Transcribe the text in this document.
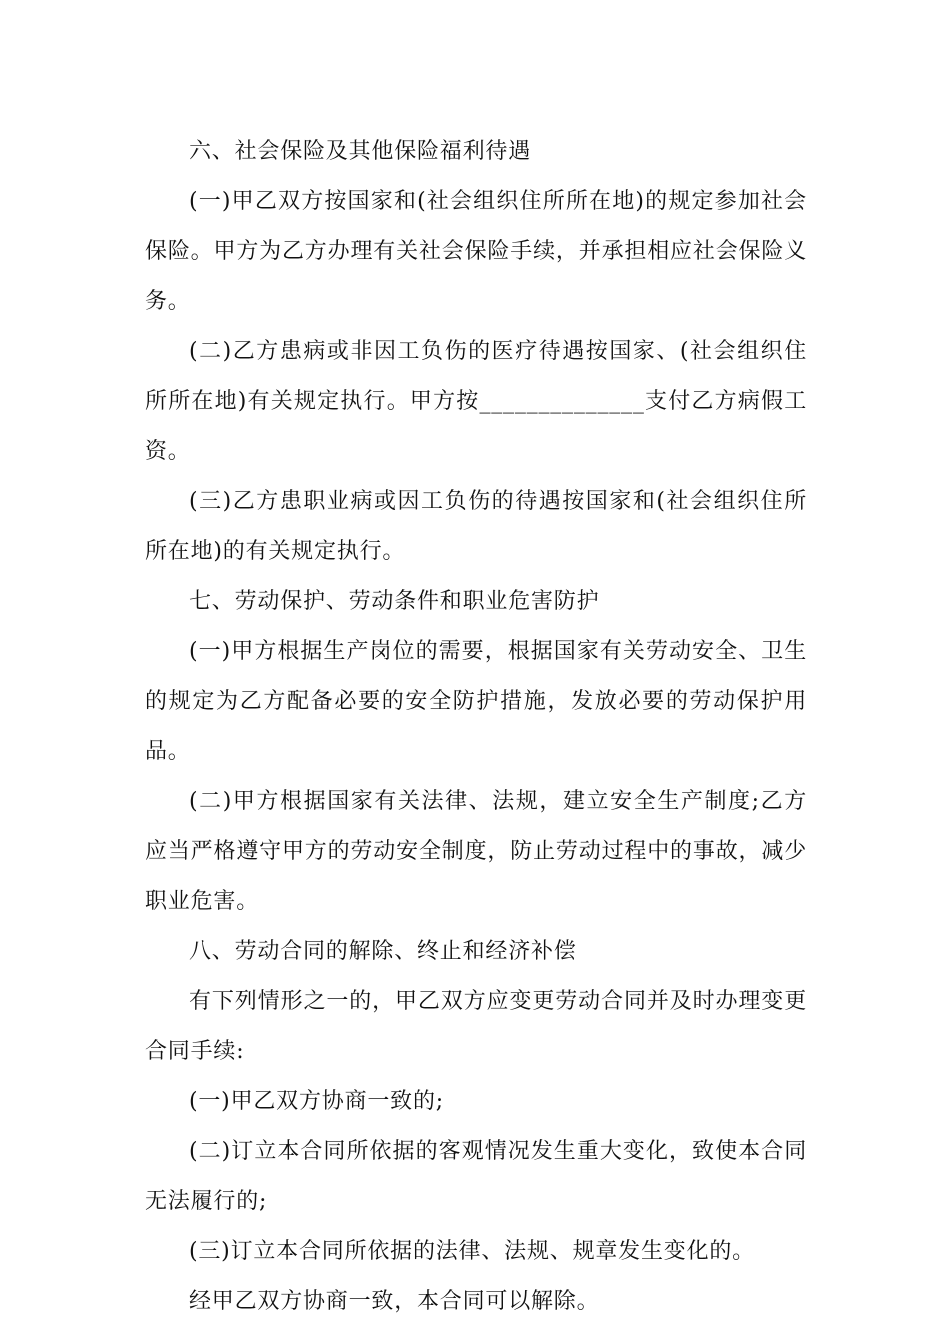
六、社会保险及其他保险福利待遇

(一)甲乙双方按国家和(社会组织住所所在地)的规定参加社会保险。甲方为乙方办理有关社会保险手续，并承担相应社会保险义务。

(二)乙方患病或非因工负伤的医疗待遇按国家、(社会组织住所所在地)有关规定执行。甲方按______________支付乙方病假工资。

(三)乙方患职业病或因工负伤的待遇按国家和(社会组织住所所在地)的有关规定执行。

七、劳动保护、劳动条件和职业危害防护

(一)甲方根据生产岗位的需要，根据国家有关劳动安全、卫生的规定为乙方配备必要的安全防护措施，发放必要的劳动保护用品。

(二)甲方根据国家有关法律、法规，建立安全生产制度;乙方应当严格遵守甲方的劳动安全制度，防止劳动过程中的事故，减少职业危害。

八、劳动合同的解除、终止和经济补偿

有下列情形之一的，甲乙双方应变更劳动合同并及时办理变更合同手续:

(一)甲乙双方协商一致的;

(二)订立本合同所依据的客观情况发生重大变化，致使本合同无法履行的;

(三)订立本合同所依据的法律、法规、规章发生变化的。

经甲乙双方协商一致，本合同可以解除。
